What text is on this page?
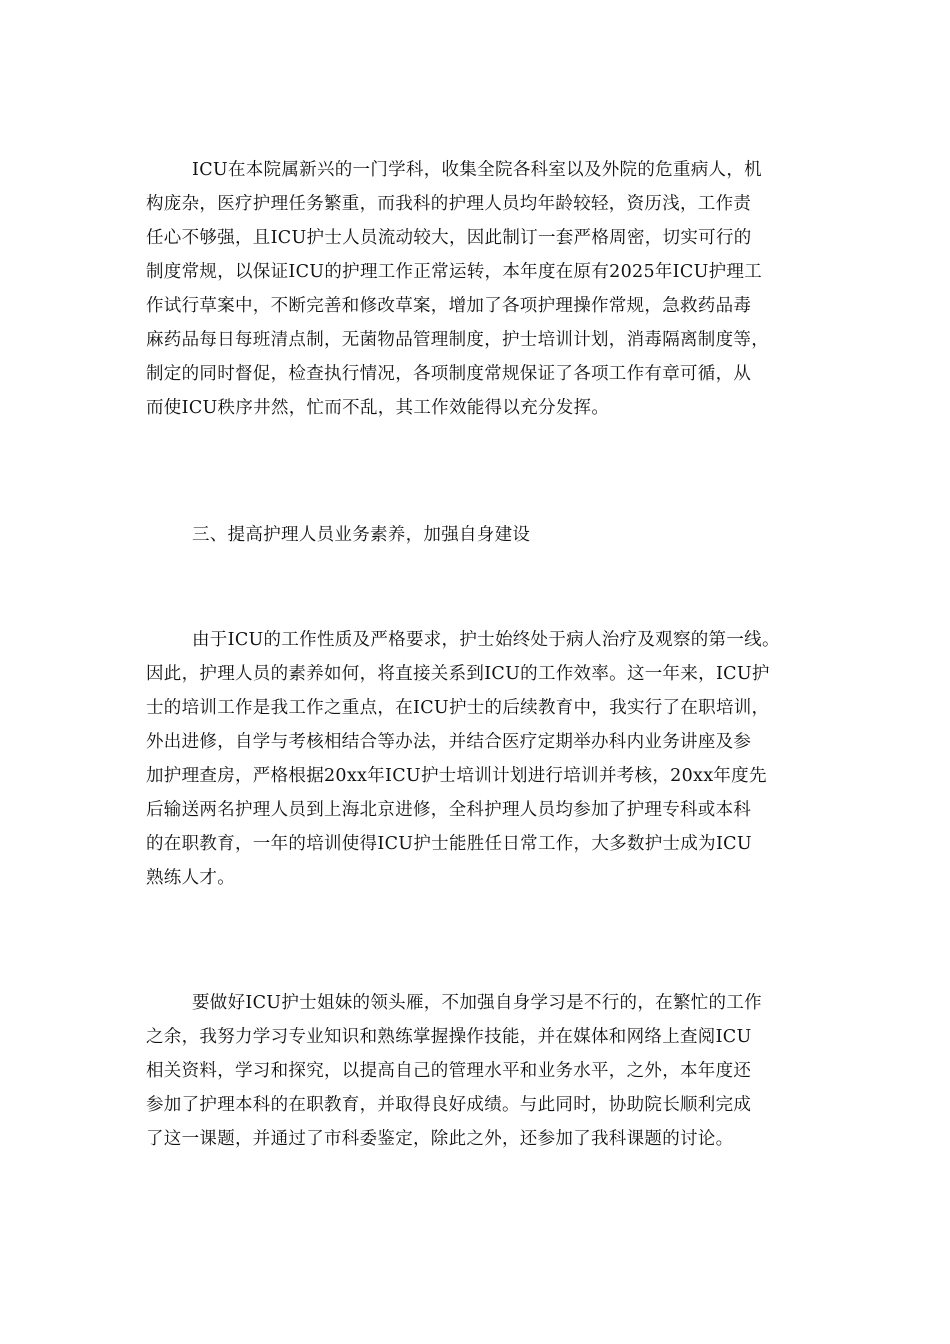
ICU在本院属新兴的一门学科，收集全院各科室以及外院的危重病人，机
构庞杂，医疗护理任务繁重，而我科的护理人员均年龄较轻，资历浅，工作责
任心不够强，且ICU护士人员流动较大，因此制订一套严格周密，切实可行的
制度常规，以保证ICU的护理工作正常运转，本年度在原有2025年ICU护理工
作试行草案中，不断完善和修改草案，增加了各项护理操作常规，急救药品毒
麻药品每日每班清点制，无菌物品管理制度，护士培训计划，消毒隔离制度等，
制定的同时督促，检查执行情况，各项制度常规保证了各项工作有章可循，从
而使ICU秩序井然，忙而不乱，其工作效能得以充分发挥。
三、提高护理人员业务素养，加强自身建设
由于ICU的工作性质及严格要求，护士始终处于病人治疗及观察的第一线。
因此，护理人员的素养如何，将直接关系到ICU的工作效率。这一年来，ICU护
士的培训工作是我工作之重点，在ICU护士的后续教育中，我实行了在职培训，
外出进修，自学与考核相结合等办法，并结合医疗定期举办科内业务讲座及参
加护理查房，严格根据20xx年ICU护士培训计划进行培训并考核，20xx年度先
后输送两名护理人员到上海北京进修，全科护理人员均参加了护理专科或本科
的在职教育，一年的培训使得ICU护士能胜任日常工作，大多数护士成为ICU
熟练人才。
要做好ICU护士姐妹的领头雁，不加强自身学习是不行的，在繁忙的工作
之余，我努力学习专业知识和熟练掌握操作技能，并在媒体和网络上查阅ICU
相关资料，学习和探究，以提高自己的管理水平和业务水平，之外，本年度还
参加了护理本科的在职教育，并取得良好成绩。与此同时，协助院长顺利完成
了这一课题，并通过了市科委鉴定，除此之外，还参加了我科课题的讨论。
